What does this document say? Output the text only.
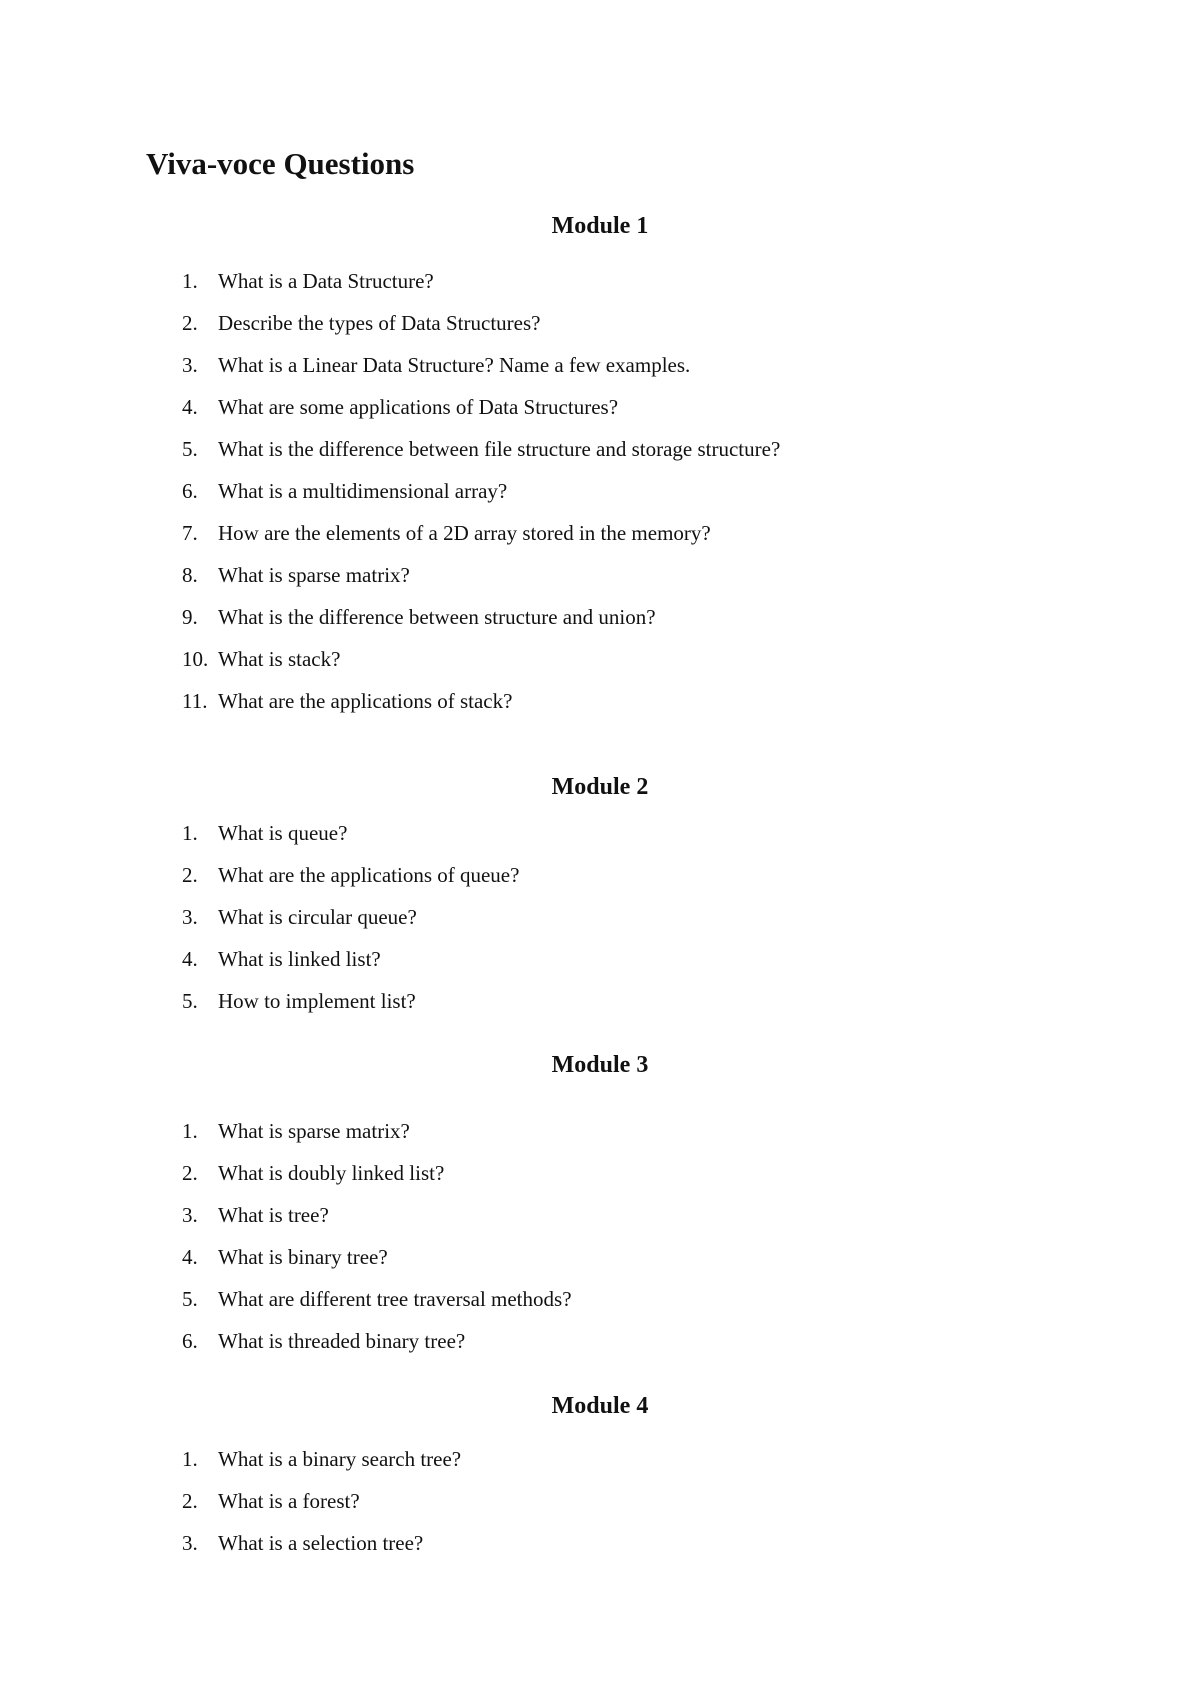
Viva-voce Questions
Module 1
1. What is a Data Structure?
2. Describe the types of Data Structures?
3. What is a Linear Data Structure? Name a few examples.
4. What are some applications of Data Structures?
5. What is the difference between file structure and storage structure?
6. What is a multidimensional array?
7. How are the elements of a 2D array stored in the memory?
8. What is sparse matrix?
9. What is the difference between structure and union?
10. What is stack?
11. What are the applications of stack?
Module 2
1. What is queue?
2. What are the applications of queue?
3. What is circular queue?
4. What is linked list?
5. How to implement list?
Module 3
1. What is sparse matrix?
2. What is doubly linked list?
3. What is tree?
4. What is binary tree?
5. What are different tree traversal methods?
6. What is threaded binary tree?
Module 4
1. What is a binary search tree?
2. What is a forest?
3. What is a selection tree?
